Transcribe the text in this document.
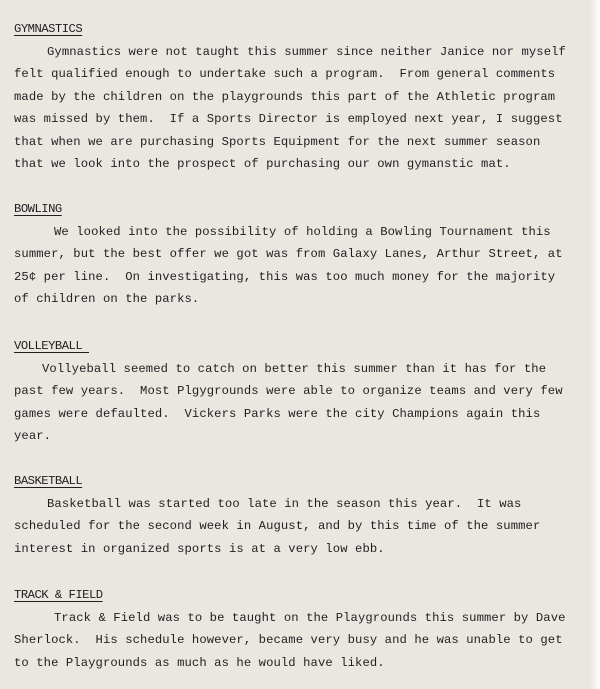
GYMNASTICS
Gymnastics were not taught this summer since neither Janice nor myself
felt qualified enough to undertake such a program.  From general comments
made by the children on the playgrounds this part of the Athletic program
was missed by them.  If a Sports Director is employed next year, I suggest
that when we are purchasing Sports Equipment for the next summer season
that we look into the prospect of purchasing our own gymanstic mat.
BOWLING
We looked into the possibility of holding a Bowling Tournament this
summer, but the best offer we got was from Galaxy Lanes, Arthur Street, at
25¢ per line.  On investigating, this was too much money for the majority
of children on the parks.
VOLLEYBALL
Vollyeball seemed to catch on better this summer than it has for the
past few years.  Most Plgygrounds were able to organize teams and very few
games were defaulted.  Vickers Parks were the city Champions again this
year.
BASKETBALL
Basketball was started too late in the season this year.  It was
scheduled for the second week in August, and by this time of the summer
interest in organized sports is at a very low ebb.
TRACK & FIELD
Track & Field was to be taught on the Playgrounds this summer by Dave
Sherlock.  His schedule however, became very busy and he was unable to get
to the Playgrounds as much as he would have liked.
